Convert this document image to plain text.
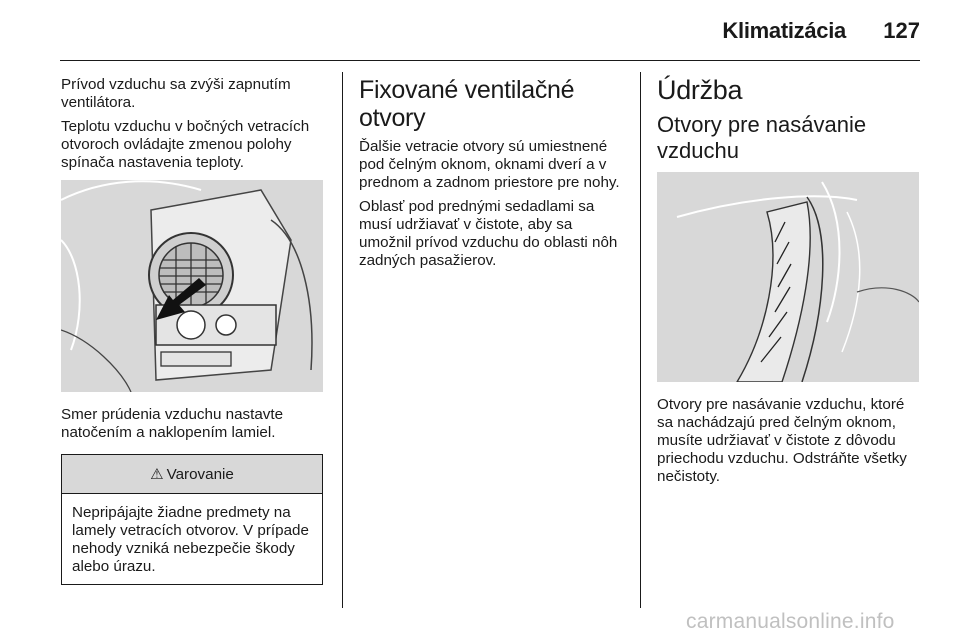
Klimatizácia	127

Prívod vzduchu sa zvýši zapnutím ventilátora.

Teplotu vzduchu v bočných vetracích otvoroch ovládajte zmenou polohy spínača nastavenia teploty.

Smer prúdenia vzduchu nastavte natočením a naklopením lamiel.

⚠ Varovanie

Nepripájajte žiadne predmety na lamely vetracích otvorov. V prípade nehody vzniká nebezpečie škody alebo úrazu.

Fixované ventilačné otvory

Ďalšie vetracie otvory sú umiestnené pod čelným oknom, oknami dverí a v prednom a zadnom priestore pre nohy.

Oblasť pod prednými sedadlami sa musí udržiavať v čistote, aby sa umožnil prívod vzduchu do oblasti nôh zadných pasažierov.

Údržba
Otvory pre nasávanie vzduchu

Otvory pre nasávanie vzduchu, ktoré sa nachádzajú pred čelným oknom, musíte udržiavať v čistote z dôvodu priechodu vzduchu. Odstráňte všetky nečistoty.

carmanualsonline.info
